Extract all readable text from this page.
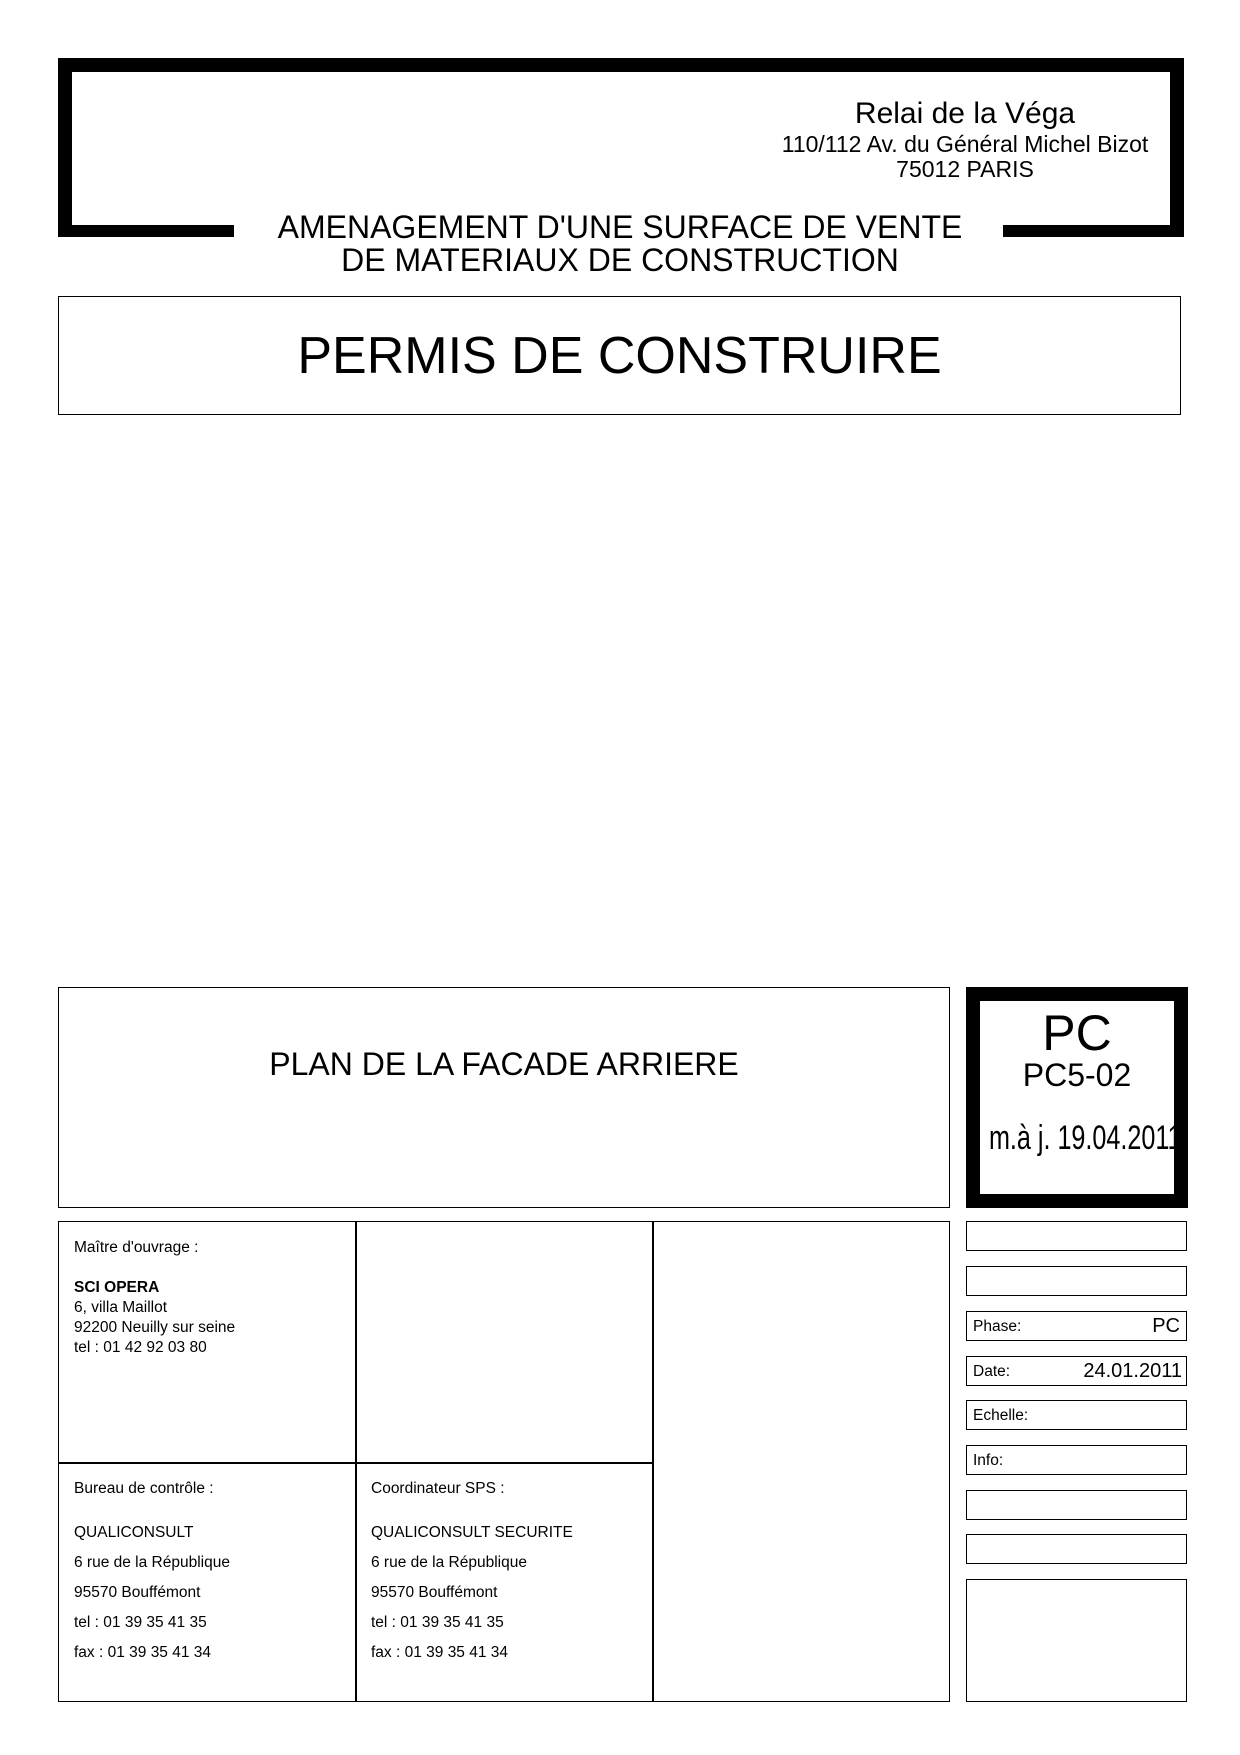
Relai de la Véga
110/112 Av. du Général Michel Bizot
75012 PARIS
AMENAGEMENT D'UNE SURFACE DE VENTE
DE MATERIAUX DE CONSTRUCTION
PERMIS DE CONSTRUIRE
PLAN DE LA FACADE ARRIERE
PC
PC5-02
m.à j. 19.04.2011

Maître d'ouvrage :

SCI OPERA

6, villa Maillot

92200 Neuilly sur seine

tel : 01 42 92 03 80

Bureau de contrôle :

QUALICONSULT

6 rue de la République

95570 Bouffémont

tel : 01 39 35 41 35

fax : 01 39 35 41 34

Coordinateur SPS :

QUALICONSULT SECURITE

6 rue de la République

95570 Bouffémont

tel : 01 39 35 41 35

fax : 01 39 35 41 34

Phase:	PC
Date:	24.01.2011
Echelle:
Info:
